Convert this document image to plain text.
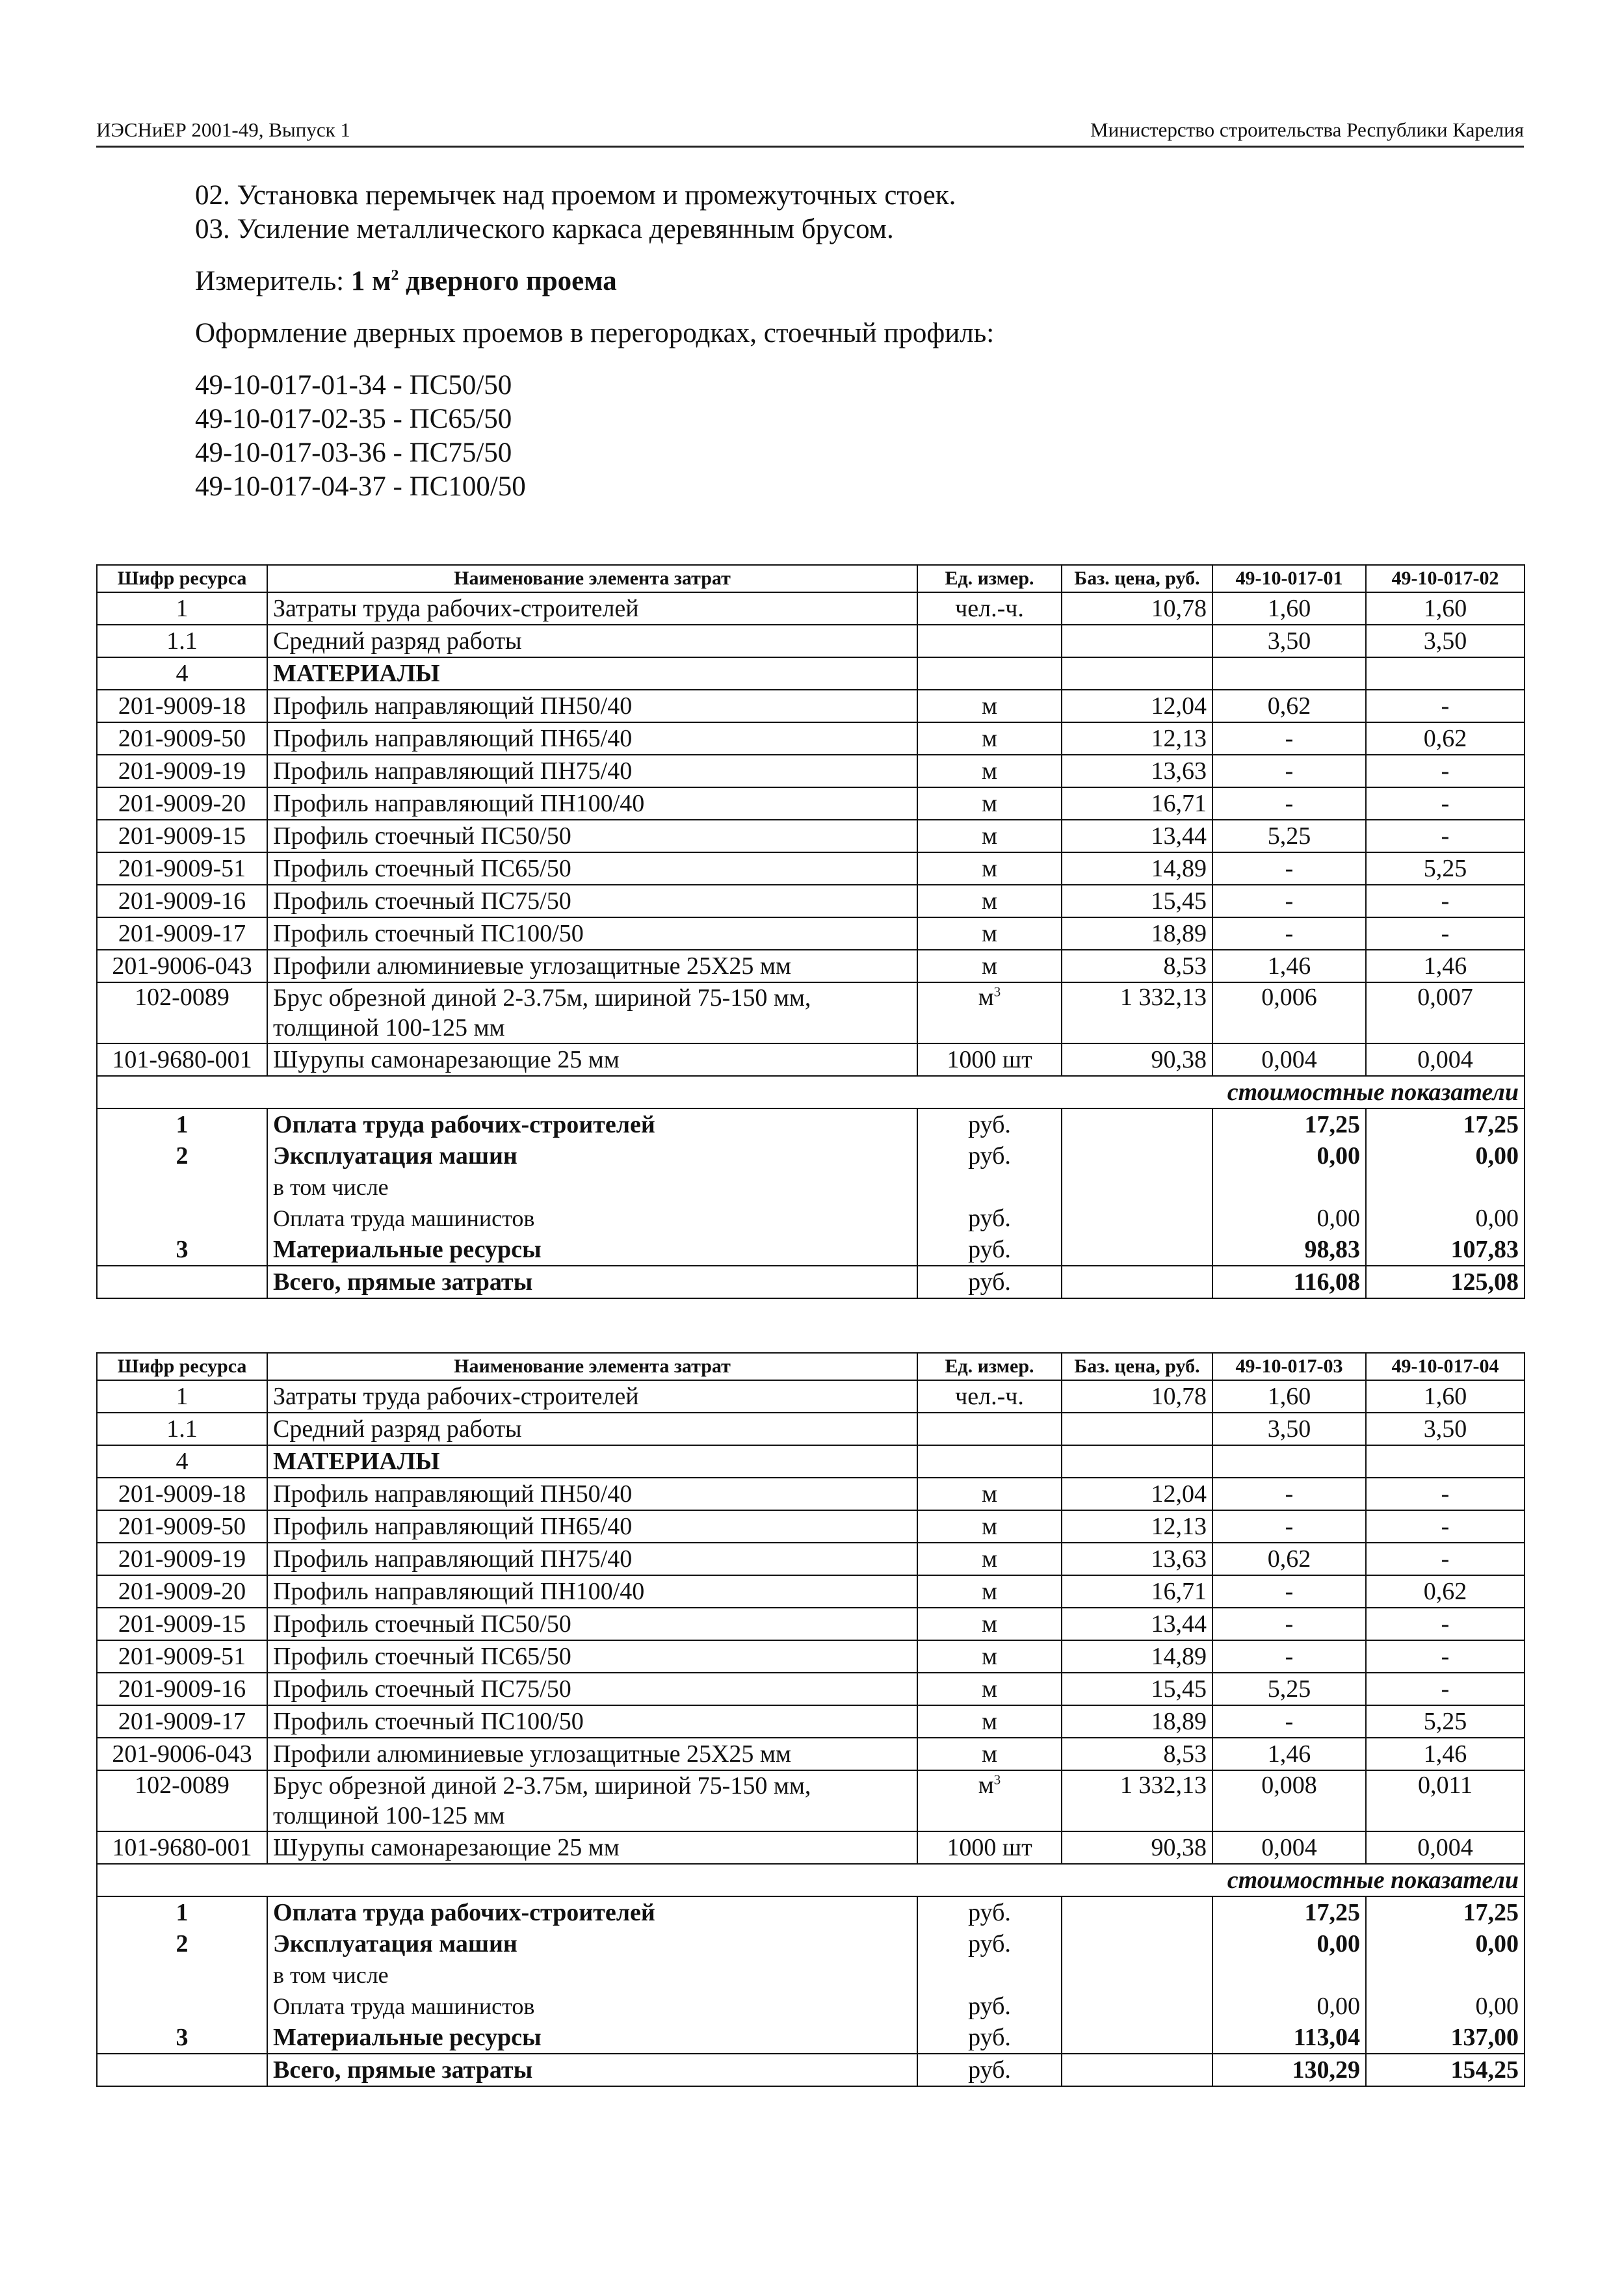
ИЭСНиЕР 2001-49, Выпуск 1	Министерство строительства Республики Карелия
02. Установка перемычек над проемом и промежуточных стоек.
03. Усиление металлического каркаса деревянным брусом.
Измеритель: 1 $м^2$ дверного проема
Оформление дверных проемов в перегородках, стоечный профиль:
49-10-017-01-34 - ПС50/50
49-10-017-02-35 - ПС65/50
49-10-017-03-36 - ПС75/50
49-10-017-04-37 - ПС100/50
Шифр ресурса	Наименование элемента затрат	Ед. измер.	Баз. цена, руб.	49-10-017-01	49-10-017-02
1	Затраты труда рабочих-строителей	чел.-ч.	10,78	1,60	1,60
1.1	Средний разряд работы			3,50	3,50
4	МАТЕРИАЛЫ				
201-9009-18	Профиль направляющий ПН50/40	м	12,04	0,62	-
201-9009-50	Профиль направляющий ПН65/40	м	12,13	-	0,62
201-9009-19	Профиль направляющий ПН75/40	м	13,63	-	-
201-9009-20	Профиль направляющий ПН100/40	м	16,71	-	-
201-9009-15	Профиль стоечный ПС50/50	м	13,44	5,25	-
201-9009-51	Профиль стоечный ПС65/50	м	14,89	-	5,25
201-9009-16	Профиль стоечный ПС75/50	м	15,45	-	-
201-9009-17	Профиль стоечный ПС100/50	м	18,89	-	-
201-9006-043	Профили алюминиевые углозащитные 25Х25 мм	м	8,53	1,46	1,46
102-0089	Брус обрезной диной 2-3.75м, шириной 75-150 мм, толщиной 100-125 мм	$м^3$	1 332,13	0,006	0,007
101-9680-001	Шурупы самонарезающие 25 мм	1000 шт	90,38	0,004	0,004
стоимостные показатели					
1	Оплата труда рабочих-строителей	руб.		17,25	17,25
2	Эксплуатация машин	руб.		0,00	0,00
	в том числе				
	Оплата труда машинистов	руб.		0,00	0,00
3	Материальные ресурсы	руб.		98,83	107,83
	Всего, прямые затраты	руб.		116,08	125,08
Шифр ресурса	Наименование элемента затрат	Ед. измер.	Баз. цена, руб.	49-10-017-03	49-10-017-04
1	Затраты труда рабочих-строителей	чел.-ч.	10,78	1,60	1,60
1.1	Средний разряд работы			3,50	3,50
4	МАТЕРИАЛЫ				
201-9009-18	Профиль направляющий ПН50/40	м	12,04	-	-
201-9009-50	Профиль направляющий ПН65/40	м	12,13	-	-
201-9009-19	Профиль направляющий ПН75/40	м	13,63	0,62	-
201-9009-20	Профиль направляющий ПН100/40	м	16,71	-	0,62
201-9009-15	Профиль стоечный ПС50/50	м	13,44	-	-
201-9009-51	Профиль стоечный ПС65/50	м	14,89	-	-
201-9009-16	Профиль стоечный ПС75/50	м	15,45	5,25	-
201-9009-17	Профиль стоечный ПС100/50	м	18,89	-	5,25
201-9006-043	Профили алюминиевые углозащитные 25Х25 мм	м	8,53	1,46	1,46
102-0089	Брус обрезной диной 2-3.75м, шириной 75-150 мм, толщиной 100-125 мм	$м^3$	1 332,13	0,008	0,011
101-9680-001	Шурупы самонарезающие 25 мм	1000 шт	90,38	0,004	0,004
стоимостные показатели					
1	Оплата труда рабочих-строителей	руб.		17,25	17,25
2	Эксплуатация машин	руб.		0,00	0,00
	в том числе				
	Оплата труда машинистов	руб.		0,00	0,00
3	Материальные ресурсы	руб.		113,04	137,00
	Всего, прямые затраты	руб.		130,29	154,25
